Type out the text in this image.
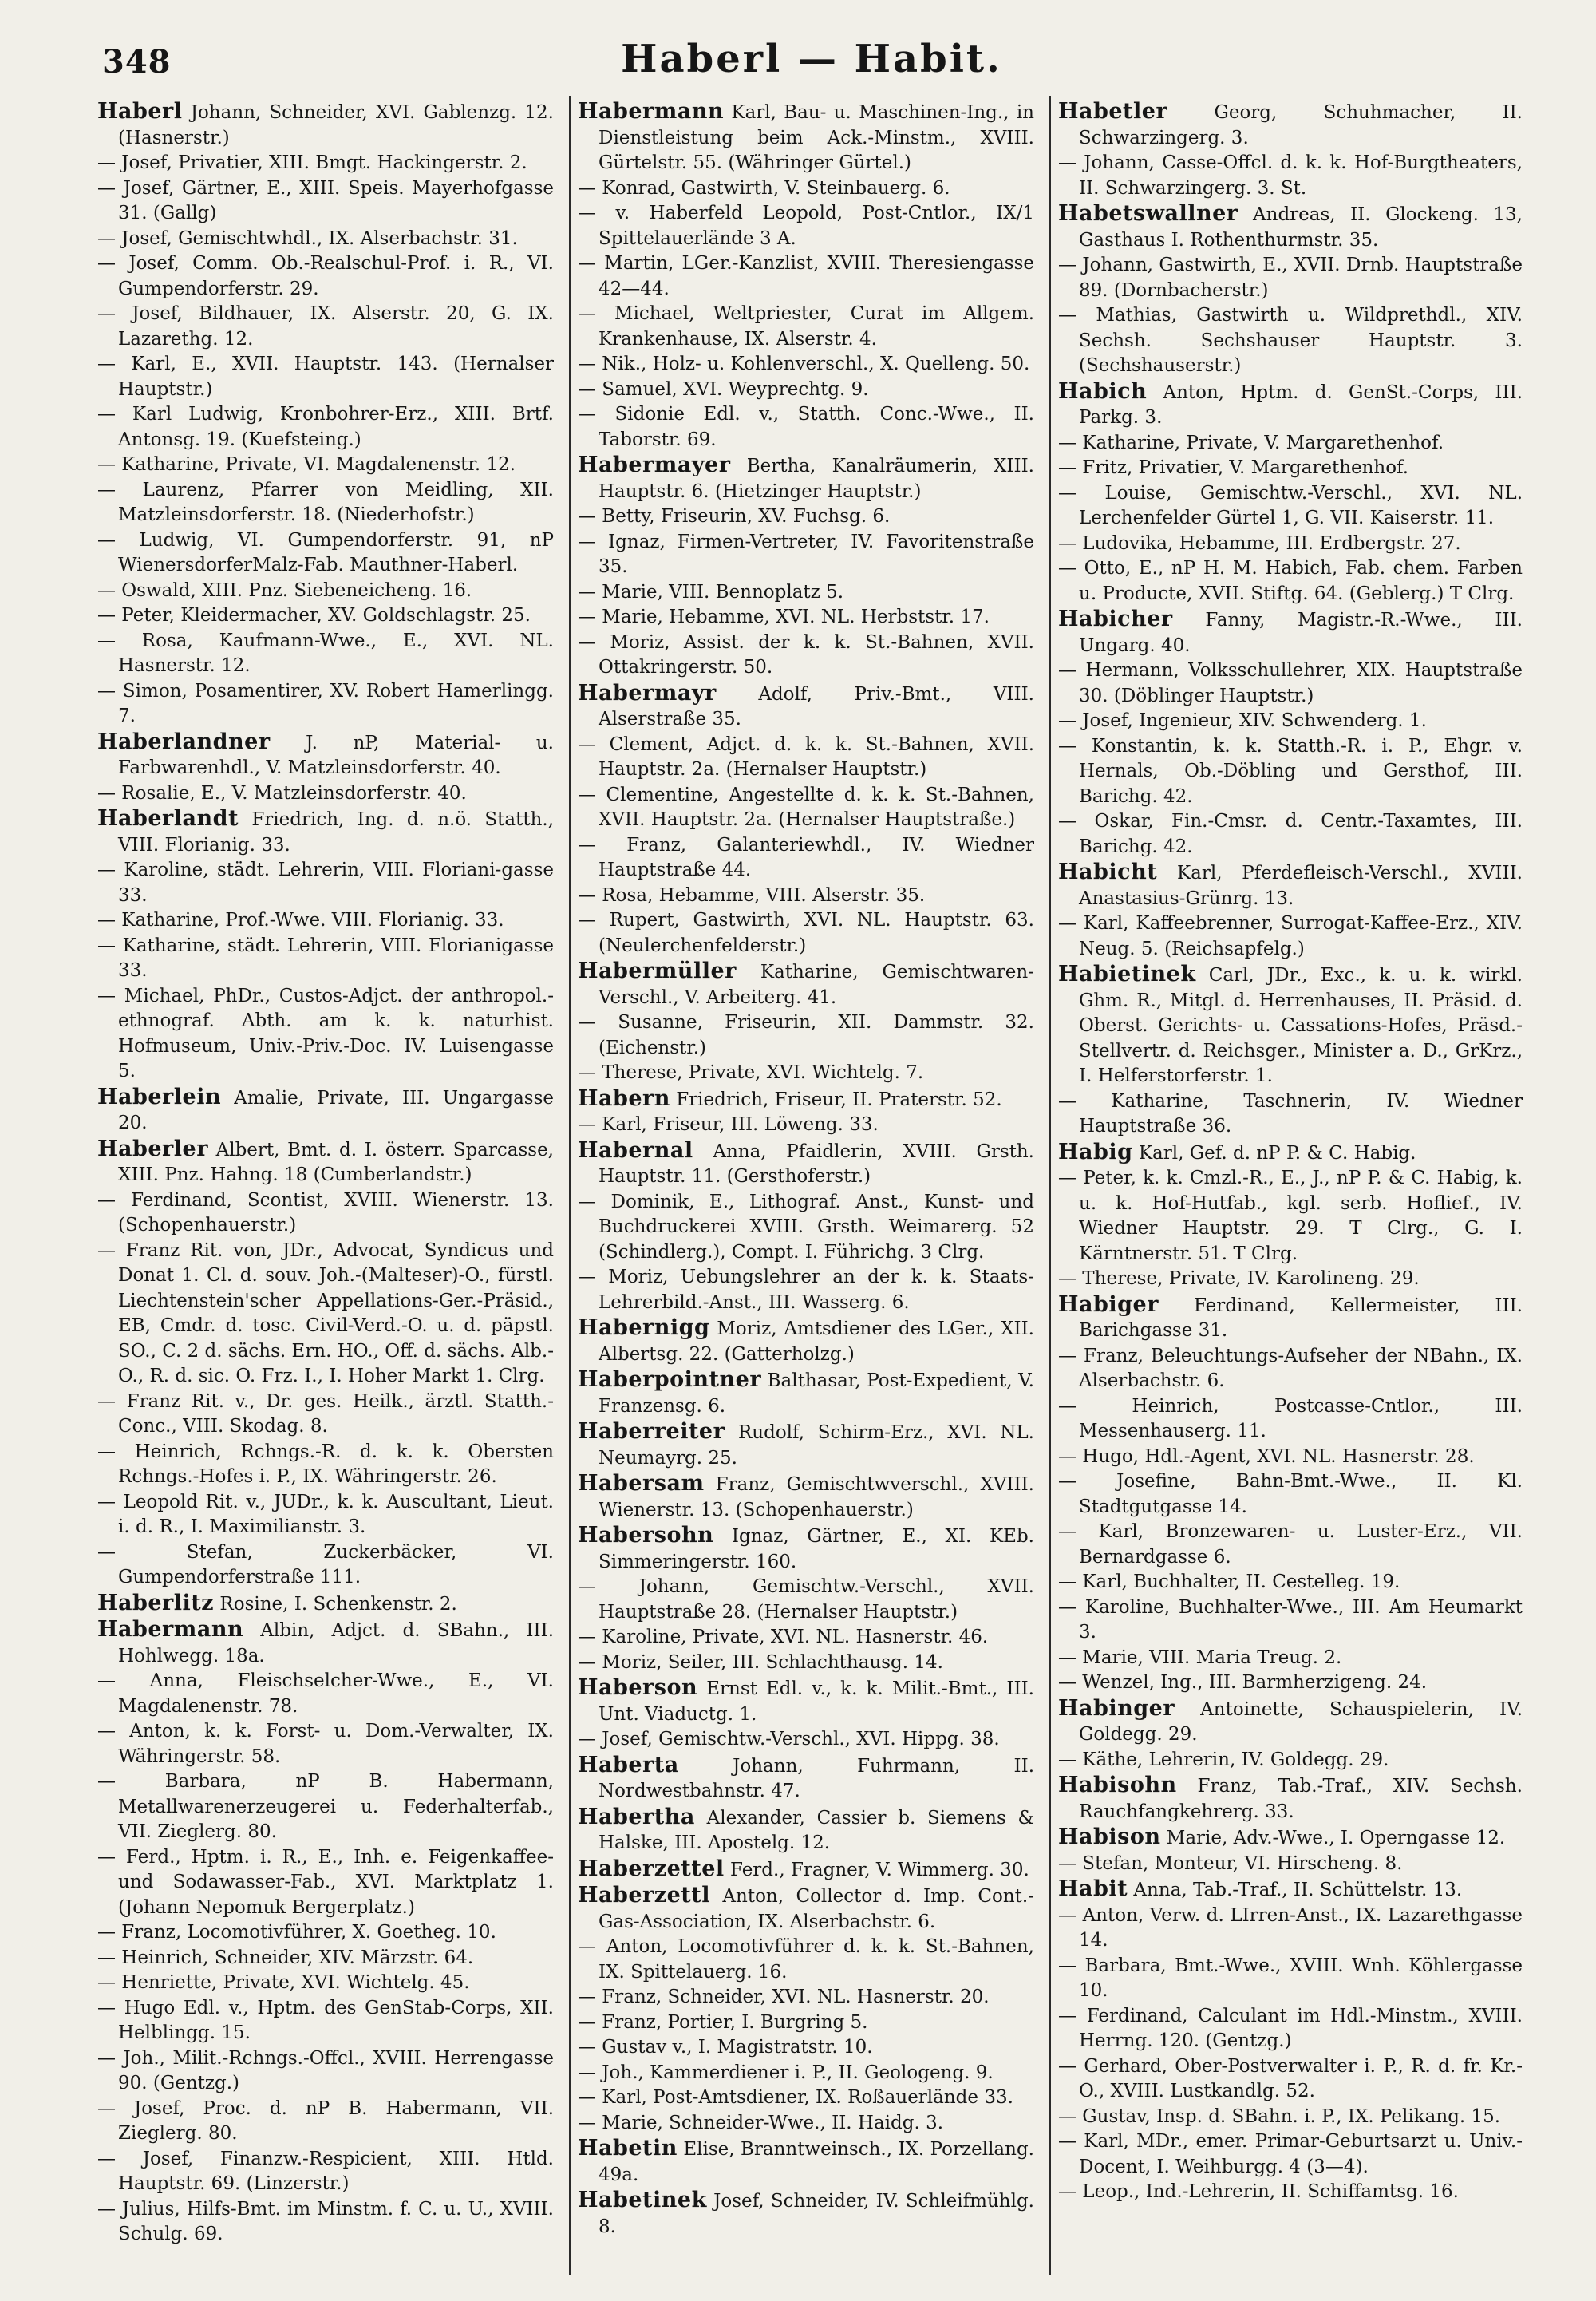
348	Haberl — Habit.

Haberl Johann, Schneider, XVI. Gablenzg. 12. (Hasnerstr.)

— Josef, Privatier, XIII. Bmgt. Hackingerstr. 2.

— Josef, Gärtner, E., XIII. Speis. Mayerhofgasse 31. (Gallg)

— Josef, Gemischtwhdl., IX. Alserbachstr. 31.

— Josef, Comm. Ob.-Realschul-Prof. i. R., VI. Gumpendorferstr. 29.

— Josef, Bildhauer, IX. Alserstr. 20, G. IX. Lazarethg. 12.

— Karl, E., XVII. Hauptstr. 143. (Hernalser Hauptstr.)

— Karl Ludwig, Kronbohrer-Erz., XIII. Brtf. Antonsg. 19. (Kuefsteing.)

— Katharine, Private, VI. Magdalenenstr. 12.

— Laurenz, Pfarrer von Meidling, XII. Matzleinsdorferstr. 18. (Niederhofstr.)

— Ludwig, VI. Gumpendorferstr. 91, nP WienersdorferMalz-Fab. Mauthner-Haberl.

— Oswald, XIII. Pnz. Siebeneicheng. 16.

— Peter, Kleidermacher, XV. Goldschlagstr. 25.

— Rosa, Kaufmann-Wwe., E., XVI. NL. Hasnerstr. 12.

— Simon, Posamentirer, XV. Robert Hamerlingg. 7.

Haberlandner J. nP, Material- u. Farbwarenhdl., V. Matzleinsdorferstr. 40.

— Rosalie, E., V. Matzleinsdorferstr. 40.

Haberlandt Friedrich, Ing. d. n.ö. Statth., VIII. Florianig. 33.

— Karoline, städt. Lehrerin, VIII. Floriani-gasse 33.

— Katharine, Prof.-Wwe. VIII. Florianig. 33.

— Katharine, städt. Lehrerin, VIII. Florianigasse 33.

— Michael, PhDr., Custos-Adjct. der anthropol.-ethnograf. Abth. am k. k. naturhist. Hofmuseum, Univ.-Priv.-Doc. IV. Luisengasse 5.

Haberlein Amalie, Private, III. Ungargasse 20.

Haberler Albert, Bmt. d. I. österr. Sparcasse, XIII. Pnz. Hahng. 18 (Cumberlandstr.)

— Ferdinand, Scontist, XVIII. Wienerstr. 13. (Schopenhauerstr.)

— Franz Rit. von, JDr., Advocat, Syndicus und Donat 1. Cl. d. souv. Joh.-(Malteser)-O., fürstl. Liechtenstein'scher Appellations-Ger.-Präsid., EB, Cmdr. d. tosc. Civil-Verd.-O. u. d. päpstl. SO., C. 2 d. sächs. Ern. HO., Off. d. sächs. Alb.-O., R. d. sic. O. Frz. I., I. Hoher Markt 1. Clrg.

— Franz Rit. v., Dr. ges. Heilk., ärztl. Statth.-Conc., VIII. Skodag. 8.

— Heinrich, Rchngs.-R. d. k. k. Obersten Rchngs.-Hofes i. P., IX. Währingerstr. 26.

— Leopold Rit. v., JUDr., k. k. Auscultant, Lieut. i. d. R., I. Maximilianstr. 3.

— Stefan, Zuckerbäcker, VI. Gumpendorferstraße 111.

Haberlitz Rosine, I. Schenkenstr. 2.

Habermann Albin, Adjct. d. SBahn., III. Hohlwegg. 18a.

— Anna, Fleischselcher-Wwe., E., VI. Magdalenenstr. 78.

— Anton, k. k. Forst- u. Dom.-Verwalter, IX. Währingerstr. 58.

— Barbara, nP B. Habermann, Metallwarenerzeugerei u. Federhalterfab., VII. Zieglerg. 80.

— Ferd., Hptm. i. R., E., Inh. e. Feigenkaffee- und Sodawasser-Fab., XVI. Marktplatz 1. (Johann Nepomuk Bergerplatz.)

— Franz, Locomotivführer, X. Goetheg. 10.

— Heinrich, Schneider, XIV. Märzstr. 64.

— Henriette, Private, XVI. Wichtelg. 45.

— Hugo Edl. v., Hptm. des GenStab-Corps, XII. Helblingg. 15.

— Joh., Milit.-Rchngs.-Offcl., XVIII. Herrengasse 90. (Gentzg.)

— Josef, Proc. d. nP B. Habermann, VII. Zieglerg. 80.

— Josef, Finanzw.-Respicient, XIII. Htld. Hauptstr. 69. (Linzerstr.)

— Julius, Hilfs-Bmt. im Minstm. f. C. u. U., XVIII. Schulg. 69.

Habermann Karl, Bau- u. Maschinen-Ing., in Dienstleistung beim Ack.-Minstm., XVIII. Gürtelstr. 55. (Währinger Gürtel.)

— Konrad, Gastwirth, V. Steinbauerg. 6.

— v. Haberfeld Leopold, Post-Cntlor., IX/1 Spittelauerlände 3 A.

— Martin, LGer.-Kanzlist, XVIII. Theresiengasse 42—44.

— Michael, Weltpriester, Curat im Allgem. Krankenhause, IX. Alserstr. 4.

— Nik., Holz- u. Kohlenverschl., X. Quelleng. 50.

— Samuel, XVI. Weyprechtg. 9.

— Sidonie Edl. v., Statth. Conc.-Wwe., II. Taborstr. 69.

Habermayer Bertha, Kanalräumerin, XIII. Hauptstr. 6. (Hietzinger Hauptstr.)

— Betty, Friseurin, XV. Fuchsg. 6.

— Ignaz, Firmen-Vertreter, IV. Favoritenstraße 35.

— Marie, VIII. Bennoplatz 5.

— Marie, Hebamme, XVI. NL. Herbststr. 17.

— Moriz, Assist. der k. k. St.-Bahnen, XVII. Ottakringerstr. 50.

Habermayr Adolf, Priv.-Bmt., VIII. Alserstraße 35.

— Clement, Adjct. d. k. k. St.-Bahnen, XVII. Hauptstr. 2a. (Hernalser Hauptstr.)

— Clementine, Angestellte d. k. k. St.-Bahnen, XVII. Hauptstr. 2a. (Hernalser Hauptstraße.)

— Franz, Galanteriewhdl., IV. Wiedner Hauptstraße 44.

— Rosa, Hebamme, VIII. Alserstr. 35.

— Rupert, Gastwirth, XVI. NL. Hauptstr. 63. (Neulerchenfelderstr.)

Habermüller Katharine, Gemischtwaren-Verschl., V. Arbeiterg. 41.

— Susanne, Friseurin, XII. Dammstr. 32. (Eichenstr.)

— Therese, Private, XVI. Wichtelg. 7.

Habern Friedrich, Friseur, II. Praterstr. 52.

— Karl, Friseur, III. Löweng. 33.

Habernal Anna, Pfaidlerin, XVIII. Grsth. Hauptstr. 11. (Gersthoferstr.)

— Dominik, E., Lithograf. Anst., Kunst- und Buchdruckerei XVIII. Grsth. Weimarerg. 52 (Schindlerg.), Compt. I. Führichg. 3 Clrg.

— Moriz, Uebungslehrer an der k. k. Staats-Lehrerbild.-Anst., III. Wasserg. 6.

Habernigg Moriz, Amtsdiener des LGer., XII. Albertsg. 22. (Gatterholzg.)

Haberpointner Balthasar, Post-Expedient, V. Franzensg. 6.

Haberreiter Rudolf, Schirm-Erz., XVI. NL. Neumayrg. 25.

Habersam Franz, Gemischtwverschl., XVIII. Wienerstr. 13. (Schopenhauerstr.)

Habersohn Ignaz, Gärtner, E., XI. KEb. Simmeringerstr. 160.

— Johann, Gemischtw.-Verschl., XVII. Hauptstraße 28. (Hernalser Hauptstr.)

— Karoline, Private, XVI. NL. Hasnerstr. 46.

— Moriz, Seiler, III. Schlachthausg. 14.

Haberson Ernst Edl. v., k. k. Milit.-Bmt., III. Unt. Viaductg. 1.

— Josef, Gemischtw.-Verschl., XVI. Hippg. 38.

Haberta Johann, Fuhrmann, II. Nordwestbahnstr. 47.

Habertha Alexander, Cassier b. Siemens & Halske, III. Apostelg. 12.

Haberzettel Ferd., Fragner, V. Wimmerg. 30.

Haberzettl Anton, Collector d. Imp. Cont.-Gas-Association, IX. Alserbachstr. 6.

— Anton, Locomotivführer d. k. k. St.-Bahnen, IX. Spittelauerg. 16.

— Franz, Schneider, XVI. NL. Hasnerstr. 20.

— Franz, Portier, I. Burgring 5.

— Gustav v., I. Magistratstr. 10.

— Joh., Kammerdiener i. P., II. Geologeng. 9.

— Karl, Post-Amtsdiener, IX. Roßauerlände 33.

— Marie, Schneider-Wwe., II. Haidg. 3.

Habetin Elise, Branntweinsch., IX. Porzellang. 49a.

Habetinek Josef, Schneider, IV. Schleifmühlg. 8.

Habetler Georg, Schuhmacher, II. Schwarzingerg. 3.

— Johann, Casse-Offcl. d. k. k. Hof-Burgtheaters, II. Schwarzingerg. 3. St.

Habetswallner Andreas, II. Glockeng. 13, Gasthaus I. Rothenthurmstr. 35.

— Johann, Gastwirth, E., XVII. Drnb. Hauptstraße 89. (Dornbacherstr.)

— Mathias, Gastwirth u. Wildprethdl., XIV. Sechsh. Sechshauser Hauptstr. 3. (Sechshauserstr.)

Habich Anton, Hptm. d. GenSt.-Corps, III. Parkg. 3.

— Katharine, Private, V. Margarethenhof.

— Fritz, Privatier, V. Margarethenhof.

— Louise, Gemischtw.-Verschl., XVI. NL. Lerchenfelder Gürtel 1, G. VII. Kaiserstr. 11.

— Ludovika, Hebamme, III. Erdbergstr. 27.

— Otto, E., nP H. M. Habich, Fab. chem. Farben u. Producte, XVII. Stiftg. 64. (Geblerg.) T Clrg.

Habicher Fanny, Magistr.-R.-Wwe., III. Ungarg. 40.

— Hermann, Volksschullehrer, XIX. Hauptstraße 30. (Döblinger Hauptstr.)

— Josef, Ingenieur, XIV. Schwenderg. 1.

— Konstantin, k. k. Statth.-R. i. P., Ehgr. v. Hernals, Ob.-Döbling und Gersthof, III. Barichg. 42.

— Oskar, Fin.-Cmsr. d. Centr.-Taxamtes, III. Barichg. 42.

Habicht Karl, Pferdefleisch-Verschl., XVIII. Anastasius-Grünrg. 13.

— Karl, Kaffeebrenner, Surrogat-Kaffee-Erz., XIV. Neug. 5. (Reichsapfelg.)

Habietinek Carl, JDr., Exc., k. u. k. wirkl. Ghm. R., Mitgl. d. Herrenhauses, II. Präsid. d. Oberst. Gerichts- u. Cassations-Hofes, Präsd.-Stellvertr. d. Reichsger., Minister a. D., GrKrz., I. Helferstorferstr. 1.

— Katharine, Taschnerin, IV. Wiedner Hauptstraße 36.

Habig Karl, Gef. d. nP P. & C. Habig.

— Peter, k. k. Cmzl.-R., E., J., nP P. & C. Habig, k. u. k. Hof-Hutfab., kgl. serb. Hoflief., IV. Wiedner Hauptstr. 29. T Clrg., G. I. Kärntnerstr. 51. T Clrg.

— Therese, Private, IV. Karolineng. 29.

Habiger Ferdinand, Kellermeister, III. Barichgasse 31.

— Franz, Beleuchtungs-Aufseher der NBahn., IX. Alserbachstr. 6.

— Heinrich, Postcasse-Cntlor., III. Messenhauserg. 11.

— Hugo, Hdl.-Agent, XVI. NL. Hasnerstr. 28.

— Josefine, Bahn-Bmt.-Wwe., II. Kl. Stadtgutgasse 14.

— Karl, Bronzewaren- u. Luster-Erz., VII. Bernardgasse 6.

— Karl, Buchhalter, II. Cestelleg. 19.

— Karoline, Buchhalter-Wwe., III. Am Heumarkt 3.

— Marie, VIII. Maria Treug. 2.

— Wenzel, Ing., III. Barmherzigeng. 24.

Habinger Antoinette, Schauspielerin, IV. Goldegg. 29.

— Käthe, Lehrerin, IV. Goldegg. 29.

Habisohn Franz, Tab.-Traf., XIV. Sechsh. Rauchfangkehrerg. 33.

Habison Marie, Adv.-Wwe., I. Operngasse 12.

— Stefan, Monteur, VI. Hirscheng. 8.

Habit Anna, Tab.-Traf., II. Schüttelstr. 13.

— Anton, Verw. d. LIrren-Anst., IX. Lazarethgasse 14.

— Barbara, Bmt.-Wwe., XVIII. Wnh. Köhlergasse 10.

— Ferdinand, Calculant im Hdl.-Minstm., XVIII. Herrng. 120. (Gentzg.)

— Gerhard, Ober-Postverwalter i. P., R. d. fr. Kr.-O., XVIII. Lustkandlg. 52.

— Gustav, Insp. d. SBahn. i. P., IX. Pelikang. 15.

— Karl, MDr., emer. Primar-Geburtsarzt u. Univ.-Docent, I. Weihburgg. 4 (3—4).

— Leop., Ind.-Lehrerin, II. Schiffamtsg. 16.
